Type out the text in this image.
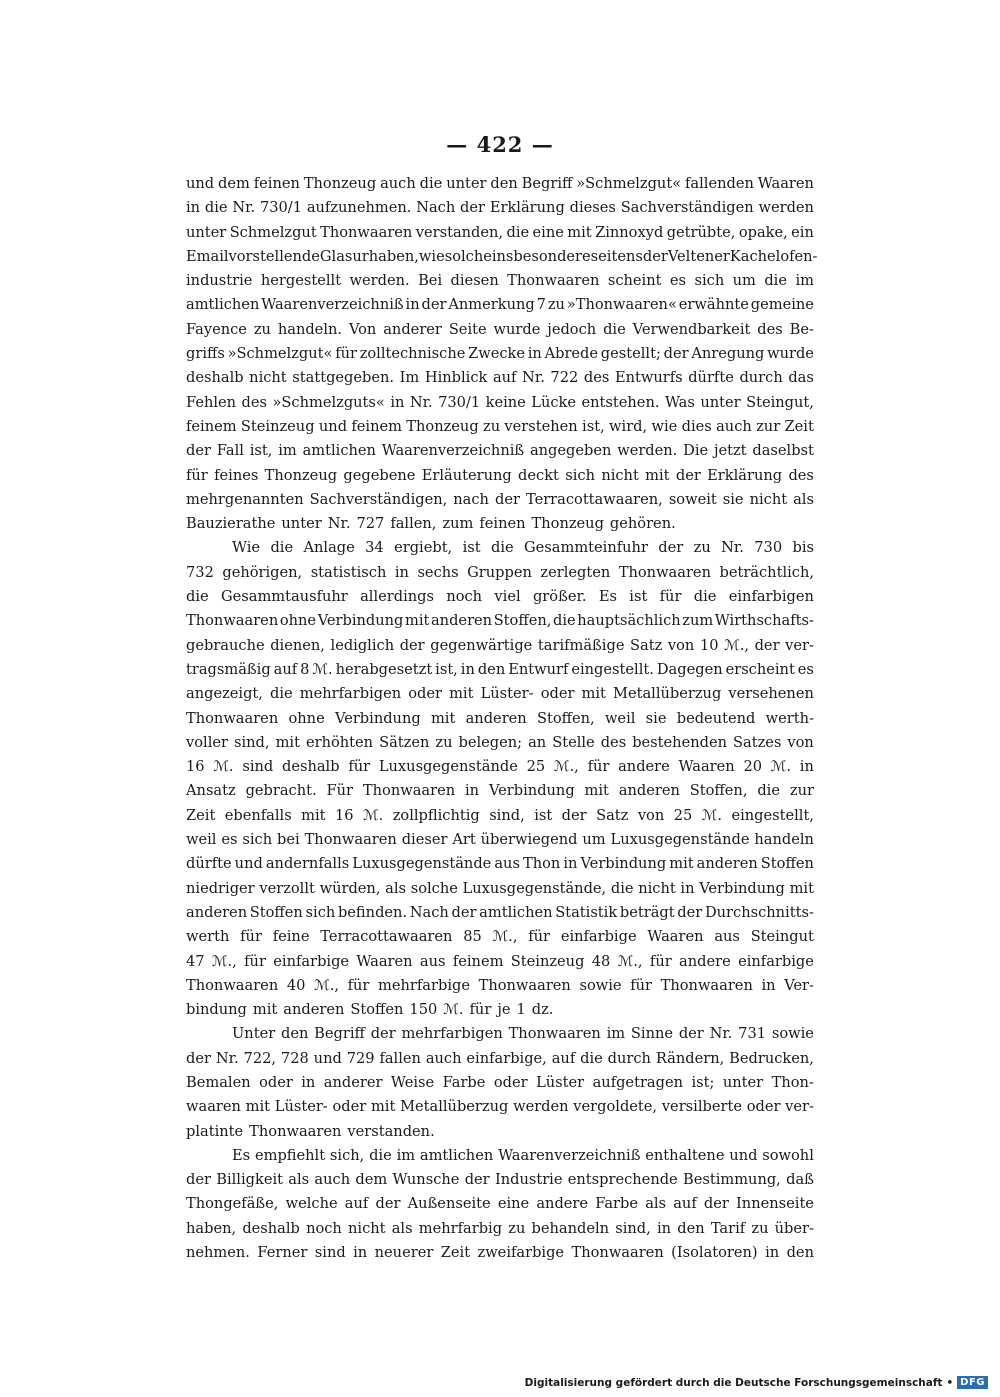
— 422 —
und dem feinen Thonzeug auch die unter den Begriff »Schmelzgut« fallenden Waaren
in die Nr. 730/1 aufzunehmen. Nach der Erklärung dieses Sachverständigen werden
unter Schmelzgut Thonwaaren verstanden, die eine mit Zinnoxyd getrübte, opake, ein
Email vorstellende Glasur haben, wie solche insbesondere seitens der Veltener Kachelofen-
industrie hergestellt werden. Bei diesen Thonwaaren scheint es sich um die im
amtlichen Waarenverzeichniß in der Anmerkung 7 zu »Thonwaaren« erwähnte gemeine
Fayence zu handeln. Von anderer Seite wurde jedoch die Verwendbarkeit des Be-
griffs »Schmelzgut« für zolltechnische Zwecke in Abrede gestellt; der Anregung wurde
deshalb nicht stattgegeben. Im Hinblick auf Nr. 722 des Entwurfs dürfte durch das
Fehlen des »Schmelzguts« in Nr. 730/1 keine Lücke entstehen. Was unter Steingut,
feinem Steinzeug und feinem Thonzeug zu verstehen ist, wird, wie dies auch zur Zeit
der Fall ist, im amtlichen Waarenverzeichniß angegeben werden. Die jetzt daselbst
für feines Thonzeug gegebene Erläuterung deckt sich nicht mit der Erklärung des
mehrgenannten Sachverständigen, nach der Terracottawaaren, soweit sie nicht als
Bauzierathe unter Nr. 727 fallen, zum feinen Thonzeug gehören.
Wie die Anlage 34 ergiebt, ist die Gesammteinfuhr der zu Nr. 730 bis
732 gehörigen, statistisch in sechs Gruppen zerlegten Thonwaaren beträchtlich,
die Gesammtausfuhr allerdings noch viel größer. Es ist für die einfarbigen
Thonwaaren ohne Verbindung mit anderen Stoffen, die hauptsächlich zum Wirthschafts-
gebrauche dienen, lediglich der gegenwärtige tarifmäßige Satz von 10 ℳ., der ver-
tragsmäßig auf 8 ℳ. herabgesetzt ist, in den Entwurf eingestellt. Dagegen erscheint es
angezeigt, die mehrfarbigen oder mit Lüster- oder mit Metallüberzug versehenen
Thonwaaren ohne Verbindung mit anderen Stoffen, weil sie bedeutend werth-
voller sind, mit erhöhten Sätzen zu belegen; an Stelle des bestehenden Satzes von
16 ℳ. sind deshalb für Luxusgegenstände 25 ℳ., für andere Waaren 20 ℳ. in
Ansatz gebracht. Für Thonwaaren in Verbindung mit anderen Stoffen, die zur
Zeit ebenfalls mit 16 ℳ. zollpflichtig sind, ist der Satz von 25 ℳ. eingestellt,
weil es sich bei Thonwaaren dieser Art überwiegend um Luxusgegenstände handeln
dürfte und andernfalls Luxusgegenstände aus Thon in Verbindung mit anderen Stoffen
niedriger verzollt würden, als solche Luxusgegenstände, die nicht in Verbindung mit
anderen Stoffen sich befinden. Nach der amtlichen Statistik beträgt der Durchschnitts-
werth für feine Terracottawaaren 85 ℳ., für einfarbige Waaren aus Steingut
47 ℳ., für einfarbige Waaren aus feinem Steinzeug 48 ℳ., für andere einfarbige
Thonwaaren 40 ℳ., für mehrfarbige Thonwaaren sowie für Thonwaaren in Ver-
bindung mit anderen Stoffen 150 ℳ. für je 1 dz.
Unter den Begriff der mehrfarbigen Thonwaaren im Sinne der Nr. 731 sowie
der Nr. 722, 728 und 729 fallen auch einfarbige, auf die durch Rändern, Bedrucken,
Bemalen oder in anderer Weise Farbe oder Lüster aufgetragen ist; unter Thon-
waaren mit Lüster- oder mit Metallüberzug werden vergoldete, versilberte oder ver-
platinte Thonwaaren verstanden.
Es empfiehlt sich, die im amtlichen Waarenverzeichniß enthaltene und sowohl
der Billigkeit als auch dem Wunsche der Industrie entsprechende Bestimmung, daß
Thongefäße, welche auf der Außenseite eine andere Farbe als auf der Innenseite
haben, deshalb noch nicht als mehrfarbig zu behandeln sind, in den Tarif zu über-
nehmen. Ferner sind in neuerer Zeit zweifarbige Thonwaaren (Isolatoren) in den
Digitalisierung gefördert durch die Deutsche Forschungsgemeinschaft • DFG
